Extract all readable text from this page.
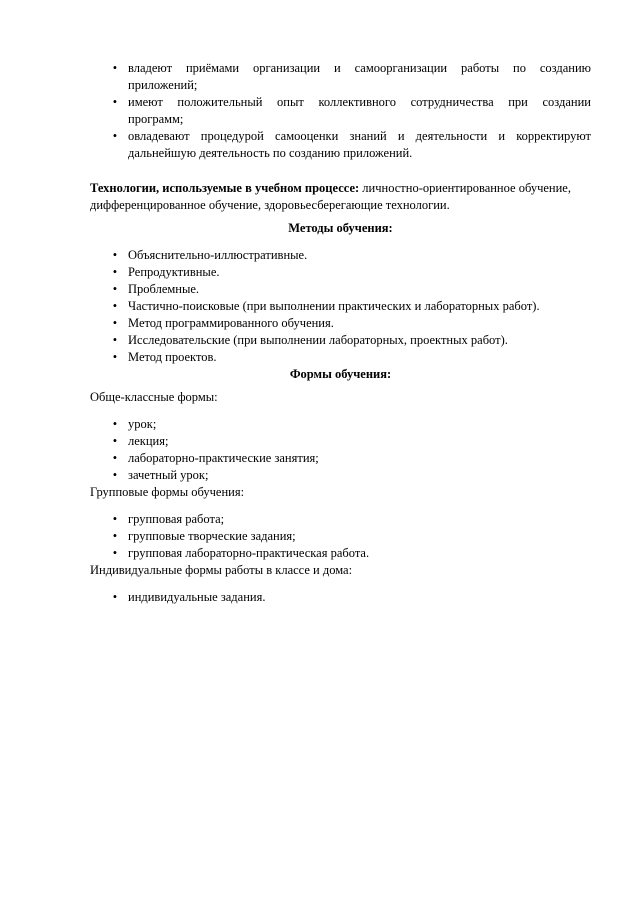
• владеют приёмами организации и самоорганизации работы по созданию
приложений;
• имеют положительный опыт коллективного сотрудничества при создании
программ;
• овладевают процедурой самооценки знаний и деятельности и корректируют
дальнейшую деятельность по созданию приложений.

Технологии, используемые в учебном процессе: личностно-ориентированное обучение,
дифференцированное обучение, здоровьесберегающие технологии.

Методы обучения:

• Объяснительно-иллюстративные.
• Репродуктивные.
• Проблемные.
• Частично-поисковые (при выполнении практических и лабораторных работ).
• Метод программированного обучения.
• Исследовательские (при выполнении лабораторных, проектных работ).
• Метод проектов.

Формы обучения:

Обще-классные формы:

• урок;
• лекция;
• лабораторно-практические занятия;
• зачетный урок;

Групповые формы обучения:

• групповая работа;
• групповые творческие задания;
• групповая лабораторно-практическая работа.

Индивидуальные формы работы в классе и дома:

• индивидуальные задания.
